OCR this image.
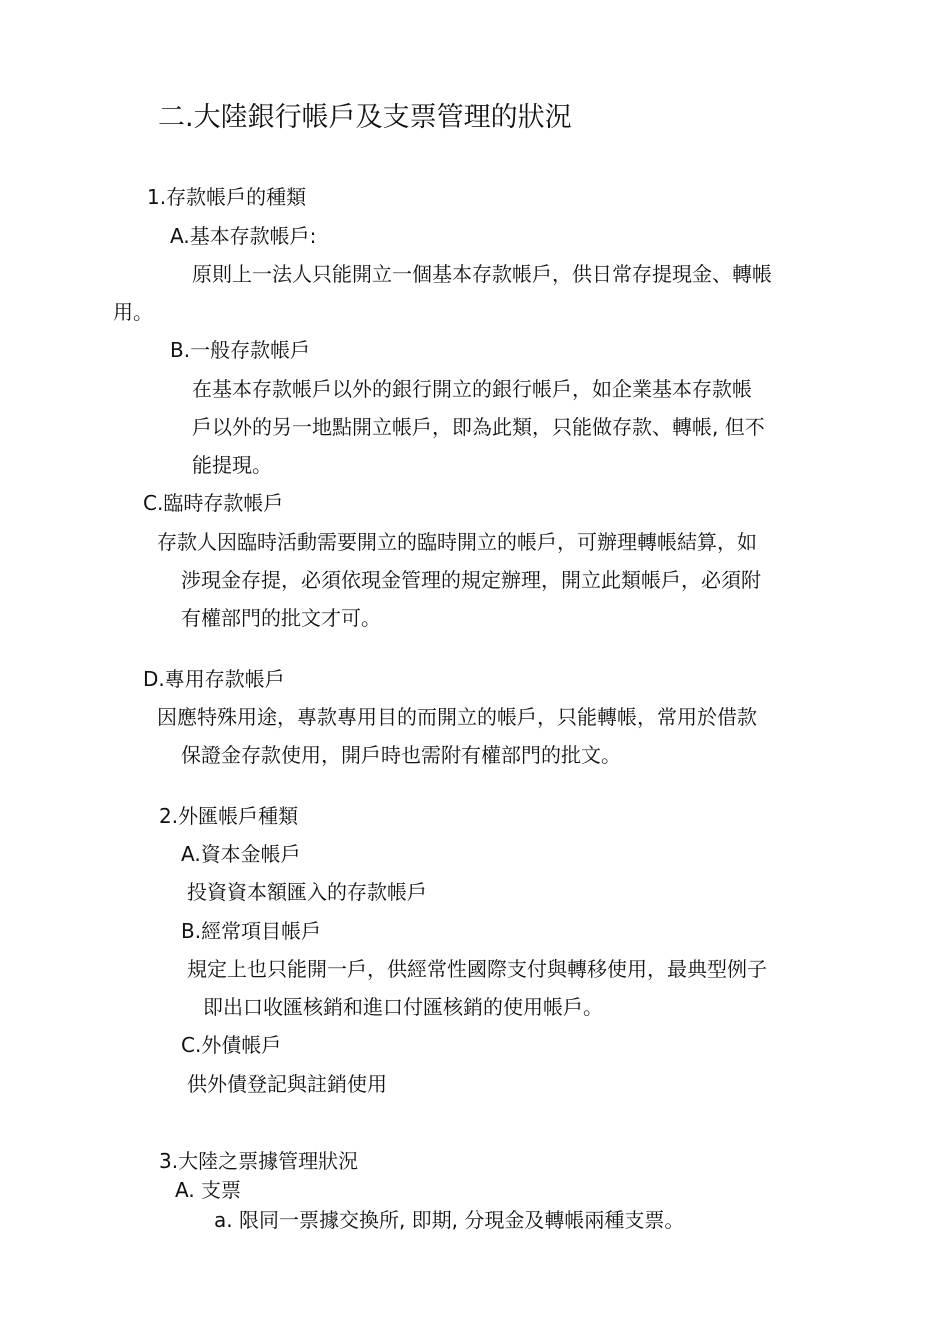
二.大陸銀行帳戶及支票管理的狀況
1.存款帳戶的種類
A.基本存款帳戶:
原則上一法人只能開立一個基本存款帳戶，供日常存提現金、轉帳
用。
B.一般存款帳戶
在基本存款帳戶以外的銀行開立的銀行帳戶，如企業基本存款帳
戶以外的另一地點開立帳戶，即為此類，只能做存款、轉帳, 但不
能提現。
C.臨時存款帳戶
存款人因臨時活動需要開立的臨時開立的帳戶，可辦理轉帳結算，如
涉現金存提，必須依現金管理的規定辦理，開立此類帳戶，必須附
有權部門的批文才可。
D.專用存款帳戶
因應特殊用途，專款專用目的而開立的帳戶，只能轉帳，常用於借款
保證金存款使用，開戶時也需附有權部門的批文。
2.外匯帳戶種類
A.資本金帳戶
投資資本額匯入的存款帳戶
B.經常項目帳戶
規定上也只能開一戶，供經常性國際支付與轉移使用，最典型例子
即出口收匯核銷和進口付匯核銷的使用帳戶。
C.外債帳戶
供外債登記與註銷使用
3.大陸之票據管理狀況
A. 支票
a. 限同一票據交換所, 即期, 分現金及轉帳兩種支票。
